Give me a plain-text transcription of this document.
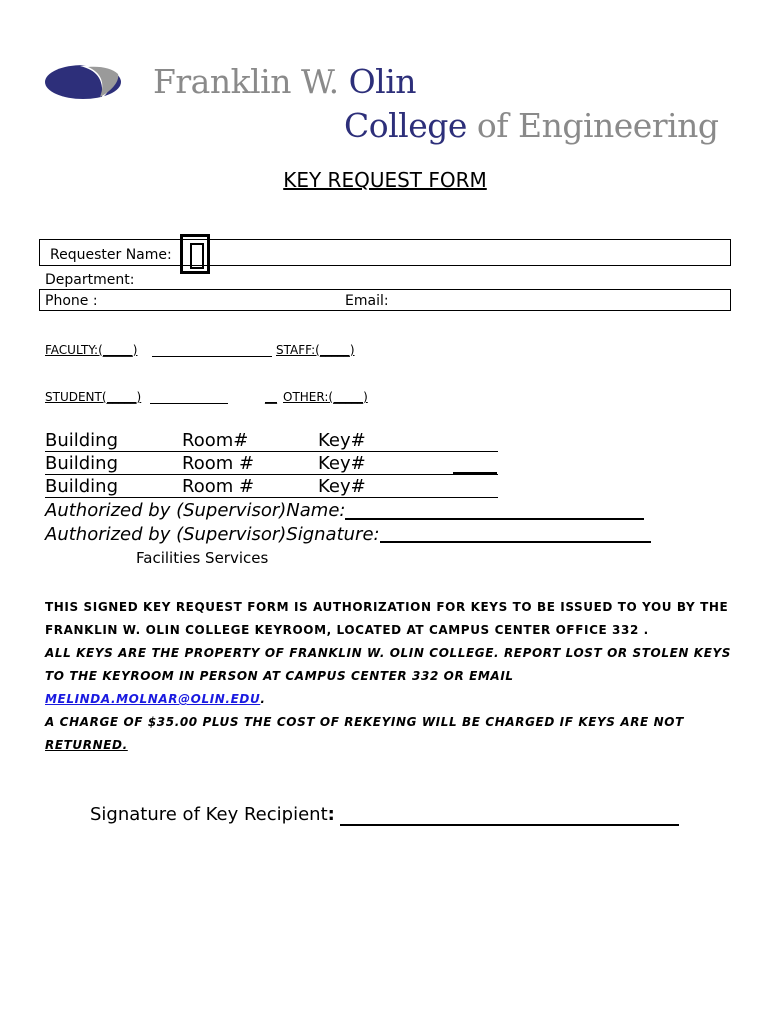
Franklin W. Olin
College of Engineering
KEY REQUEST FORM
Requester Name:
Department:
Phone :	Email:
FACULTY:(_____)	STAFF:(_____)
STUDENT(_____)	__ OTHER:(_____)
Building	Room#	Key#
Building	Room #	Key#
Building	Room #	Key#
Authorized by (Supervisor)Name:
Authorized by (Supervisor)Signature:
Facilities Services
THIS SIGNED KEY REQUEST FORM IS AUTHORIZATION FOR KEYS TO BE ISSUED TO YOU BY THE
FRANKLIN W. OLIN COLLEGE KEYROOM, LOCATED AT CAMPUS CENTER OFFICE 332 .
ALL KEYS ARE THE PROPERTY OF FRANKLIN W. OLIN COLLEGE. REPORT LOST OR STOLEN KEYS
TO THE KEYROOM IN PERSON AT CAMPUS CENTER 332 OR EMAIL
MELINDA.MOLNAR@OLIN.EDU.
A CHARGE OF $35.00 PLUS THE COST OF REKEYING WILL BE CHARGED IF KEYS ARE NOT
RETURNED.
Signature of Key Recipient:
